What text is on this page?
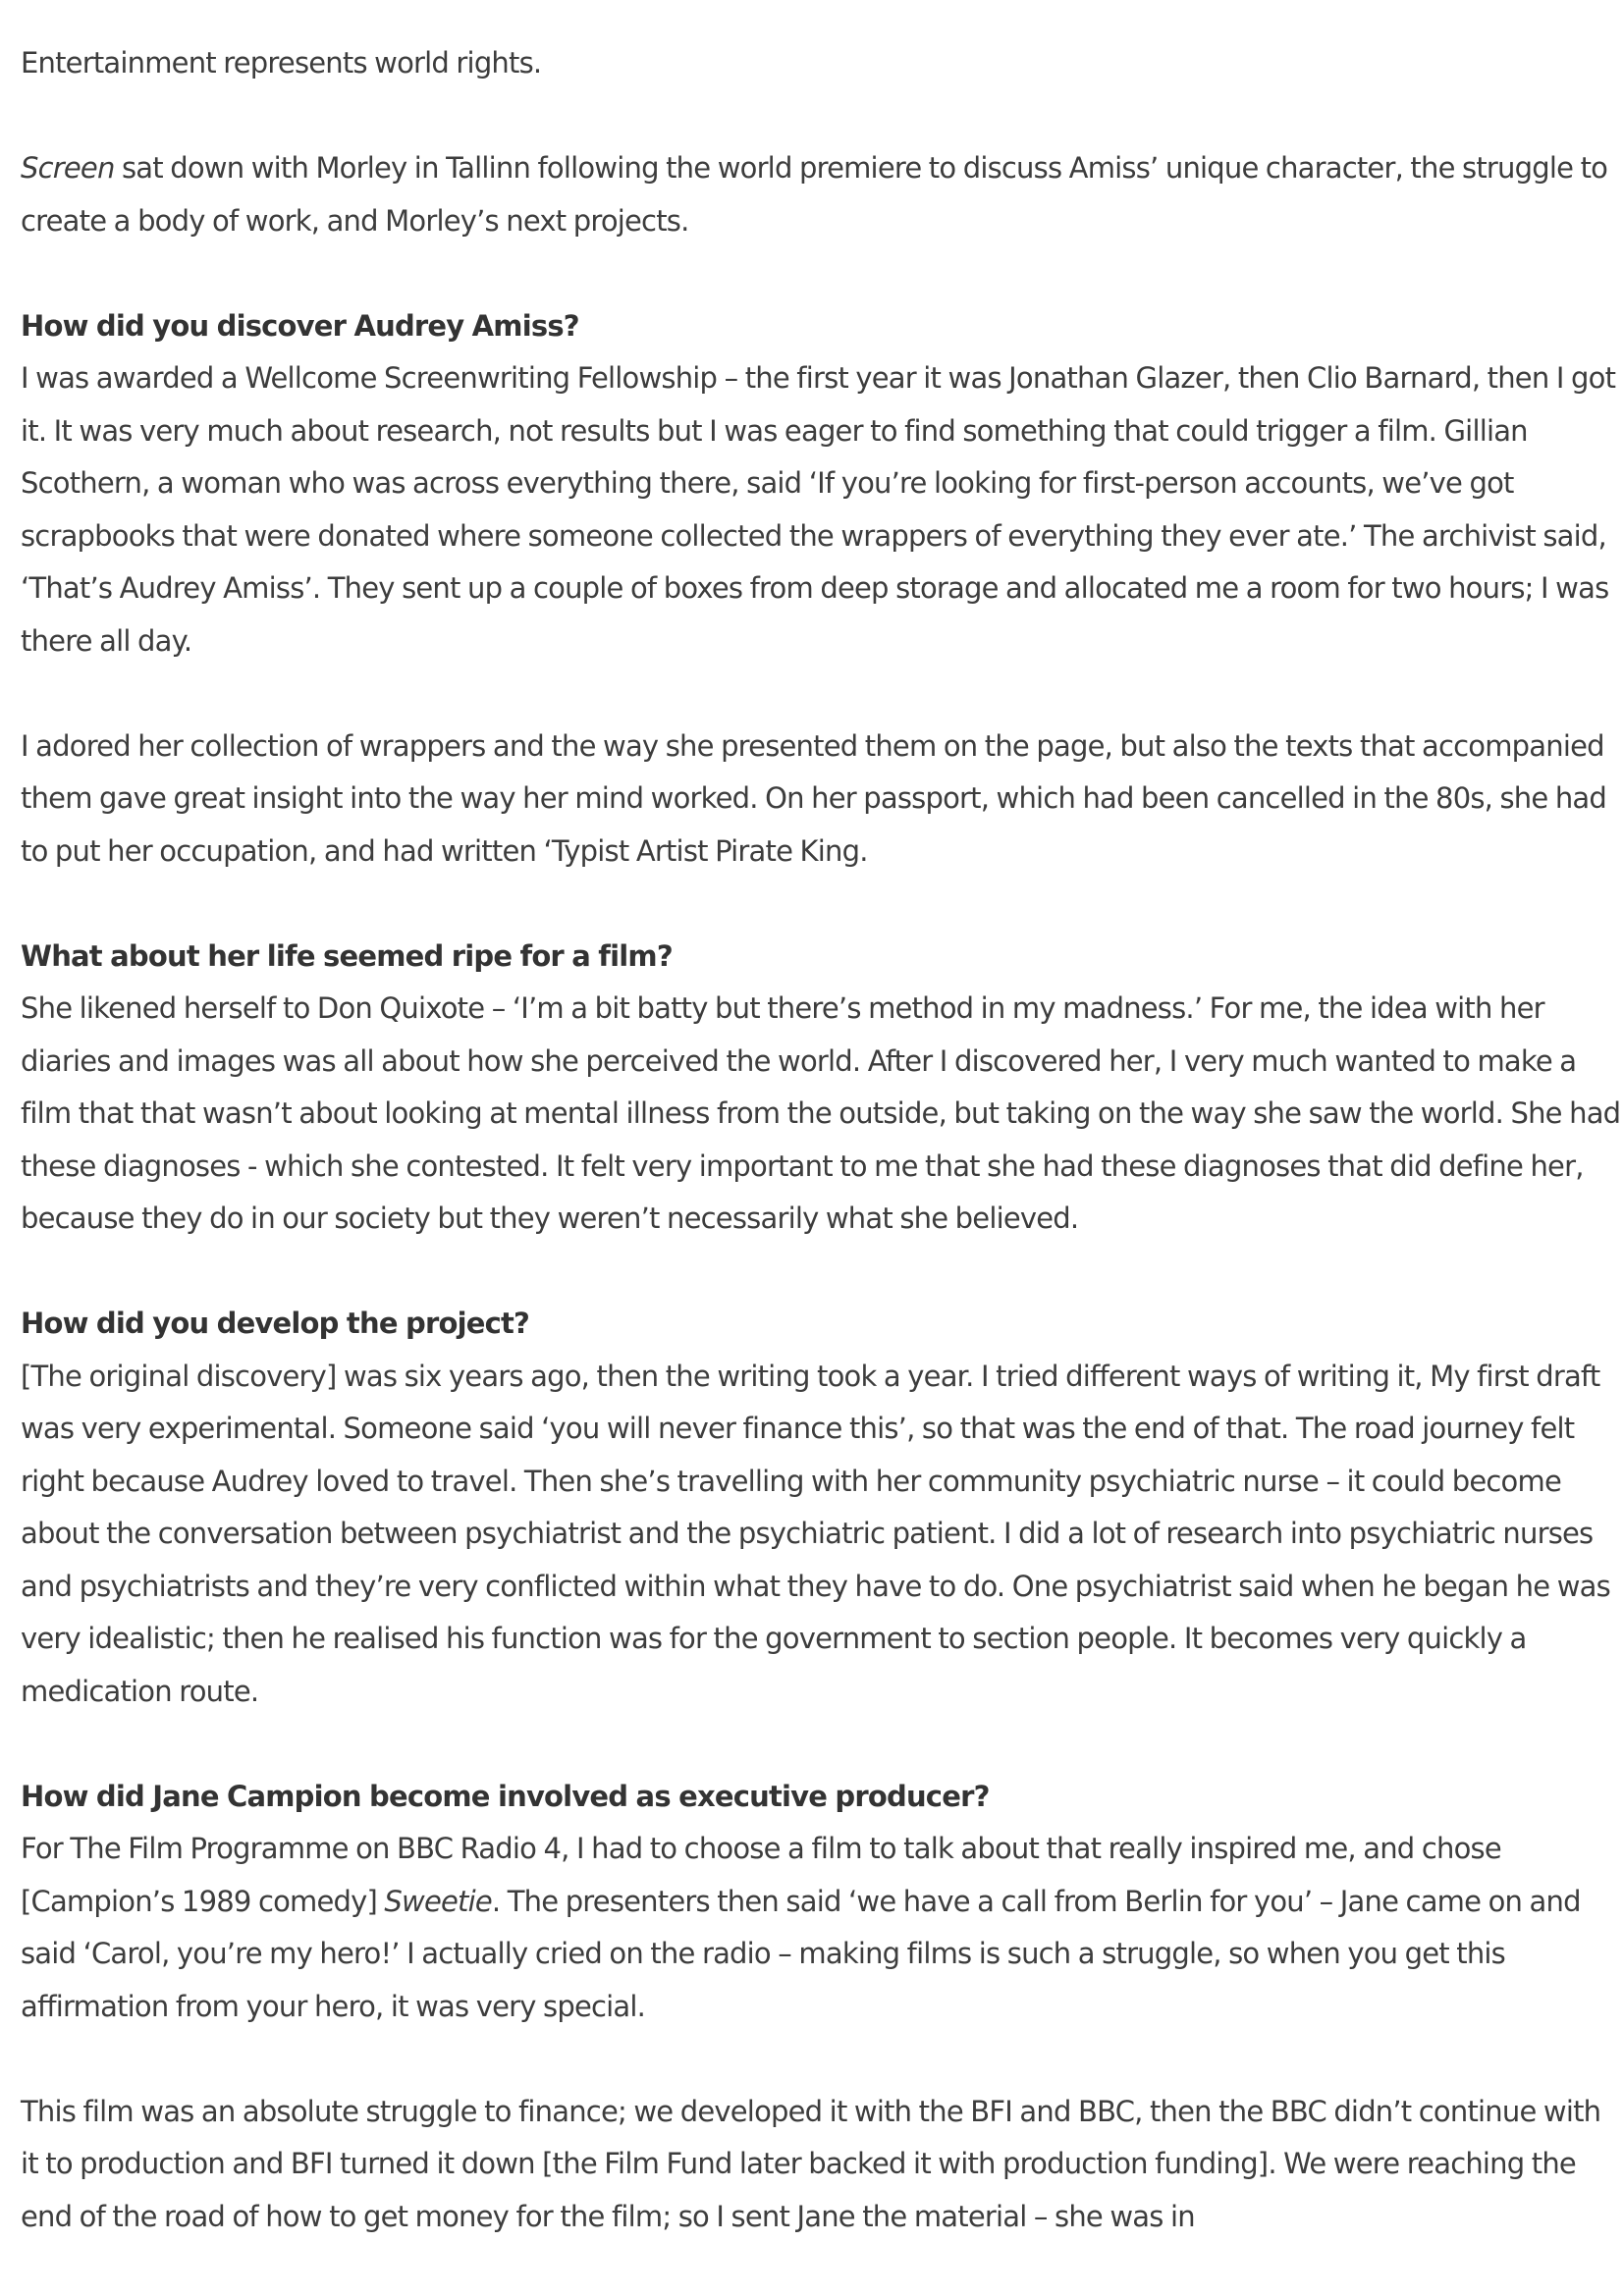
Entertainment represents world rights.

Screen sat down with Morley in Tallinn following the world premiere to discuss Amiss’ unique character, the struggle to create a body of work, and Morley’s next projects.

How did you discover Audrey Amiss?
I was awarded a Wellcome Screenwriting Fellowship – the first year it was Jonathan Glazer, then Clio Barnard, then I got it. It was very much about research, not results but I was eager to find something that could trigger a film. Gillian Scothern, a woman who was across everything there, said ‘If you’re looking for first-person accounts, we’ve got scrapbooks that were donated where someone collected the wrappers of everything they ever ate.’ The archivist said, ‘That’s Audrey Amiss’. They sent up a couple of boxes from deep storage and allocated me a room for two hours; I was there all day.

I adored her collection of wrappers and the way she presented them on the page, but also the texts that accompanied them gave great insight into the way her mind worked. On her passport, which had been cancelled in the 80s, she had to put her occupation, and had written ‘Typist Artist Pirate King.

What about her life seemed ripe for a film?
She likened herself to Don Quixote – ‘I’m a bit batty but there’s method in my madness.’ For me, the idea with her diaries and images was all about how she perceived the world. After I discovered her, I very much wanted to make a film that that wasn’t about looking at mental illness from the outside, but taking on the way she saw the world. She had these diagnoses - which she contested. It felt very important to me that she had these diagnoses that did define her, because they do in our society but they weren’t necessarily what she believed.
How did you develop the project?
[The original discovery] was six years ago, then the writing took a year. I tried different ways of writing it, My first draft was very experimental. Someone said ‘you will never finance this’, so that was the end of that. The road journey felt right because Audrey loved to travel. Then she’s travelling with her community psychiatric nurse – it could become about the conversation between psychiatrist and the psychiatric patient. I did a lot of research into psychiatric nurses and psychiatrists and they’re very conflicted within what they have to do. One psychiatrist said when he began he was very idealistic; then he realised his function was for the government to section people. It becomes very quickly a medication route.
How did Jane Campion become involved as executive producer?
For The Film Programme on BBC Radio 4, I had to choose a film to talk about that really inspired me, and chose [Campion’s 1989 comedy] Sweetie. The presenters then said ‘we have a call from Berlin for you’ – Jane came on and said ‘Carol, you’re my hero!’ I actually cried on the radio – making films is such a struggle, so when you get this affirmation from your hero, it was very special.

This film was an absolute struggle to finance; we developed it with the BFI and BBC, then the BBC didn’t continue with it to production and BFI turned it down [the Film Fund later backed it with production funding]. We were reaching the end of the road of how to get money for the film; so I sent Jane the material – she was in
